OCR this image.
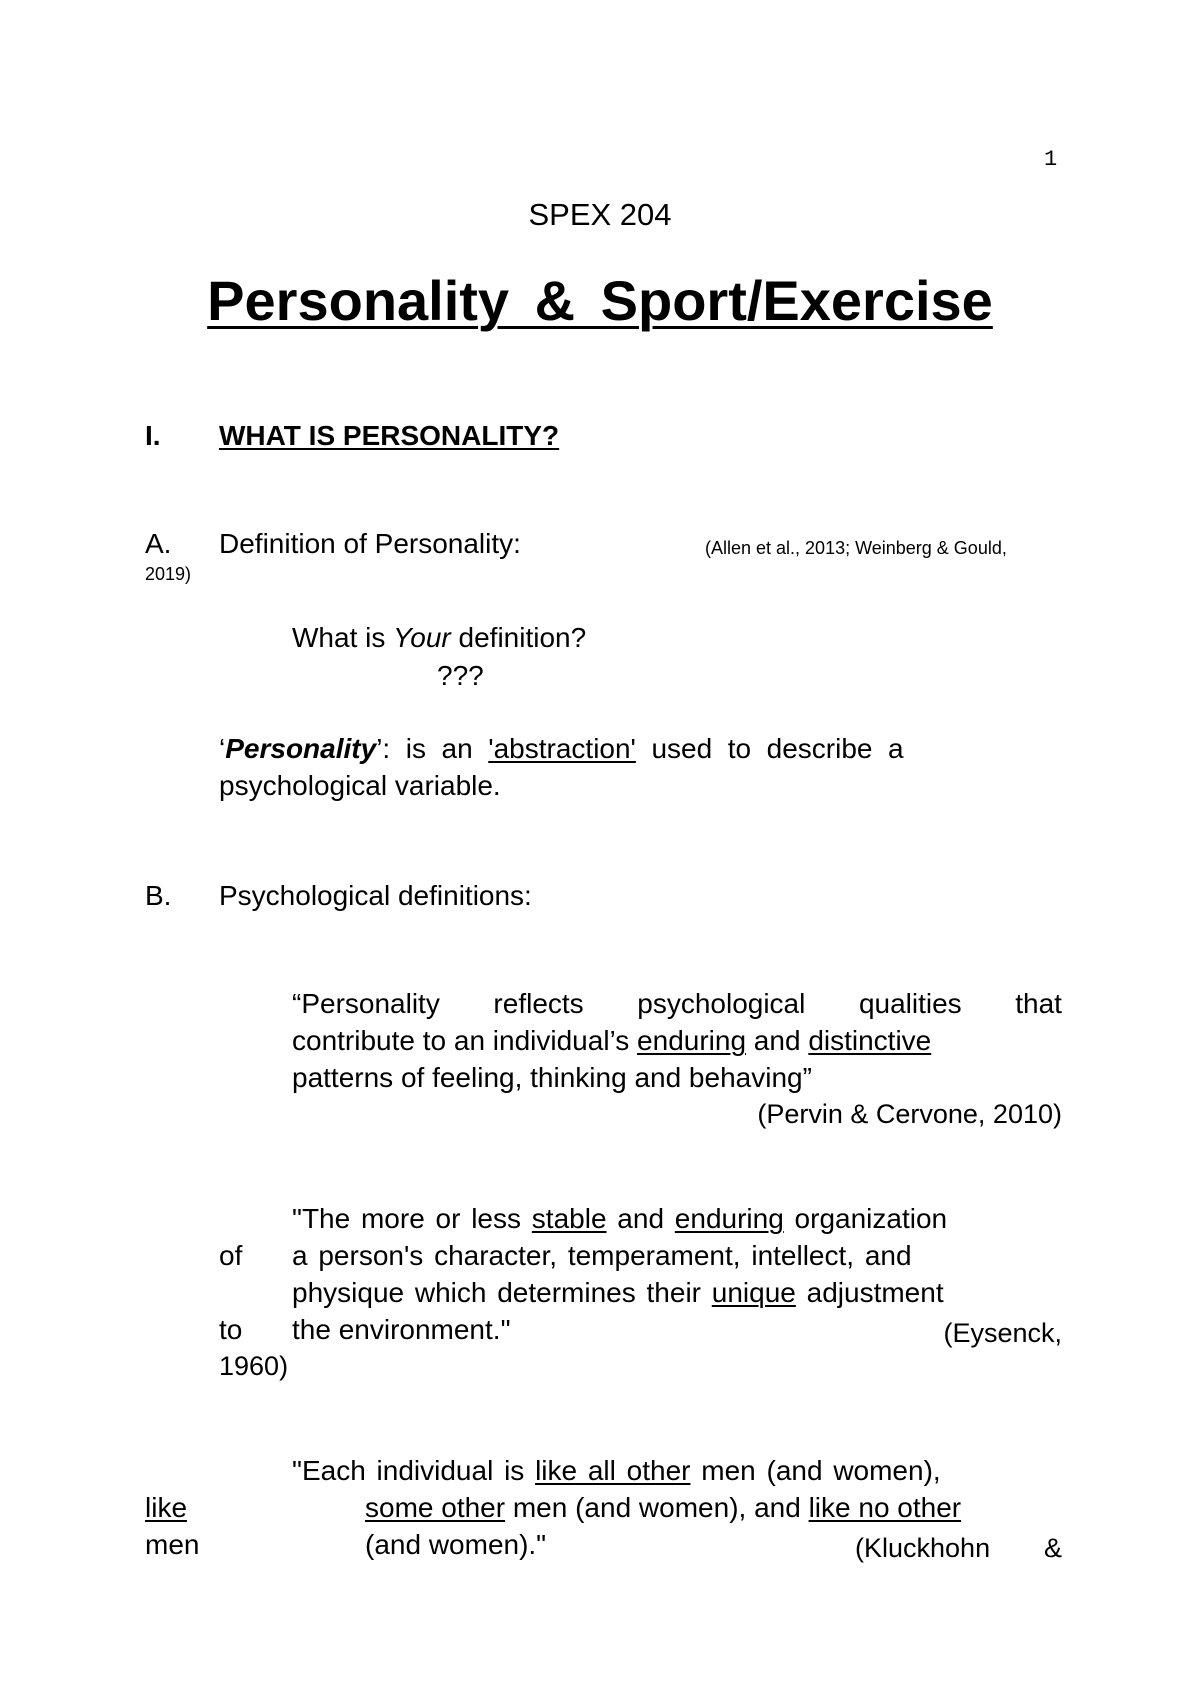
1
SPEX 204
Personality & Sport/Exercise
I. WHAT IS PERSONALITY?
A. Definition of Personality:	(Allen et al., 2013; Weinberg & Gould,
2019)
What is Your definition?
???
‘Personality’:  is  an  'abstraction'  used  to  describe  a
psychological variable.
B. Psychological definitions:
“Personality reflects psychological qualities that
contribute to an individual’s enduring and distinctive
patterns of feeling, thinking and behaving”
(Pervin & Cervone, 2010)
"The more or less stable and enduring organization
of a person's character, temperament, intellect, and
physique which determines their unique adjustment
to the environment."	(Eysenck,
1960)
"Each individual is like all other men (and women),
like	some other men (and women), and like no other
men	(and women)."	(Kluckhohn &
